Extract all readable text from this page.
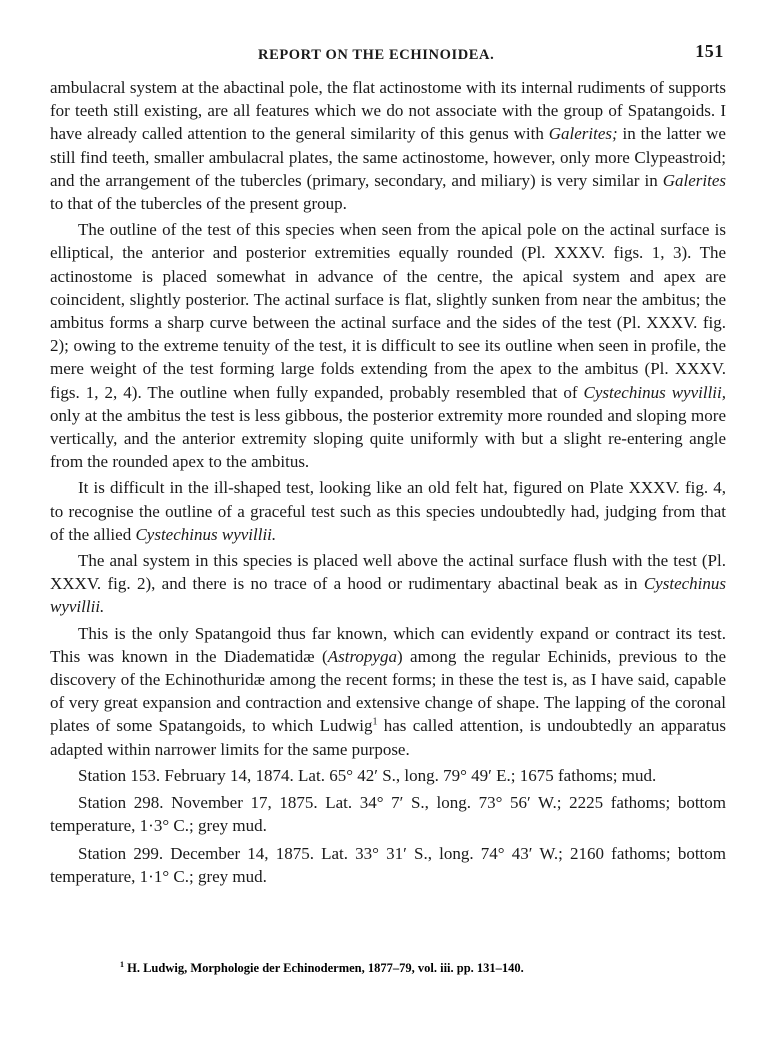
REPORT ON THE ECHINOIDEA.	151

ambulacral system at the abactinal pole, the flat actinostome with its internal rudiments of supports for teeth still existing, are all features which we do not associate with the group of Spatangoids. I have already called attention to the general similarity of this genus with Galerites; in the latter we still find teeth, smaller ambulacral plates, the same actinostome, however, only more Clypeastroid; and the arrangement of the tubercles (primary, secondary, and miliary) is very similar in Galerites to that of the tubercles of the present group.

The outline of the test of this species when seen from the apical pole on the actinal surface is elliptical, the anterior and posterior extremities equally rounded (Pl. XXXV. figs. 1, 3). The actinostome is placed somewhat in advance of the centre, the apical system and apex are coincident, slightly posterior. The actinal surface is flat, slightly sunken from near the ambitus; the ambitus forms a sharp curve between the actinal surface and the sides of the test (Pl. XXXV. fig. 2); owing to the extreme tenuity of the test, it is difficult to see its outline when seen in profile, the mere weight of the test forming large folds extending from the apex to the ambitus (Pl. XXXV. figs. 1, 2, 4). The outline when fully expanded, probably resembled that of Cystechinus wyvillii, only at the ambitus the test is less gibbous, the posterior extremity more rounded and sloping more vertically, and the anterior extremity sloping quite uniformly with but a slight re-entering angle from the rounded apex to the ambitus.

It is difficult in the ill-shaped test, looking like an old felt hat, figured on Plate XXXV. fig. 4, to recognise the outline of a graceful test such as this species undoubtedly had, judging from that of the allied Cystechinus wyvillii.

The anal system in this species is placed well above the actinal surface flush with the test (Pl. XXXV. fig. 2), and there is no trace of a hood or rudimentary abactinal beak as in Cystechinus wyvillii.

This is the only Spatangoid thus far known, which can evidently expand or contract its test. This was known in the Diadematidæ (Astropyga) among the regular Echinids, previous to the discovery of the Echinothuridæ among the recent forms; in these the test is, as I have said, capable of very great expansion and contraction and extensive change of shape. The lapping of the coronal plates of some Spatangoids, to which Ludwig$^1$ has called attention, is undoubtedly an apparatus adapted within narrower limits for the same purpose.

Station 153. February 14, 1874. Lat. 65° 42′ S., long. 79° 49′ E.; 1675 fathoms; mud.

Station 298. November 17, 1875. Lat. 34° 7′ S., long. 73° 56′ W.; 2225 fathoms; bottom temperature, 1·3° C.; grey mud.

Station 299. December 14, 1875. Lat. 33° 31′ S., long. 74° 43′ W.; 2160 fathoms; bottom temperature, 1·1° C.; grey mud.

$^1$ H. Ludwig, Morphologie der Echinodermen, 1877–79, vol. iii. pp. 131–140.
